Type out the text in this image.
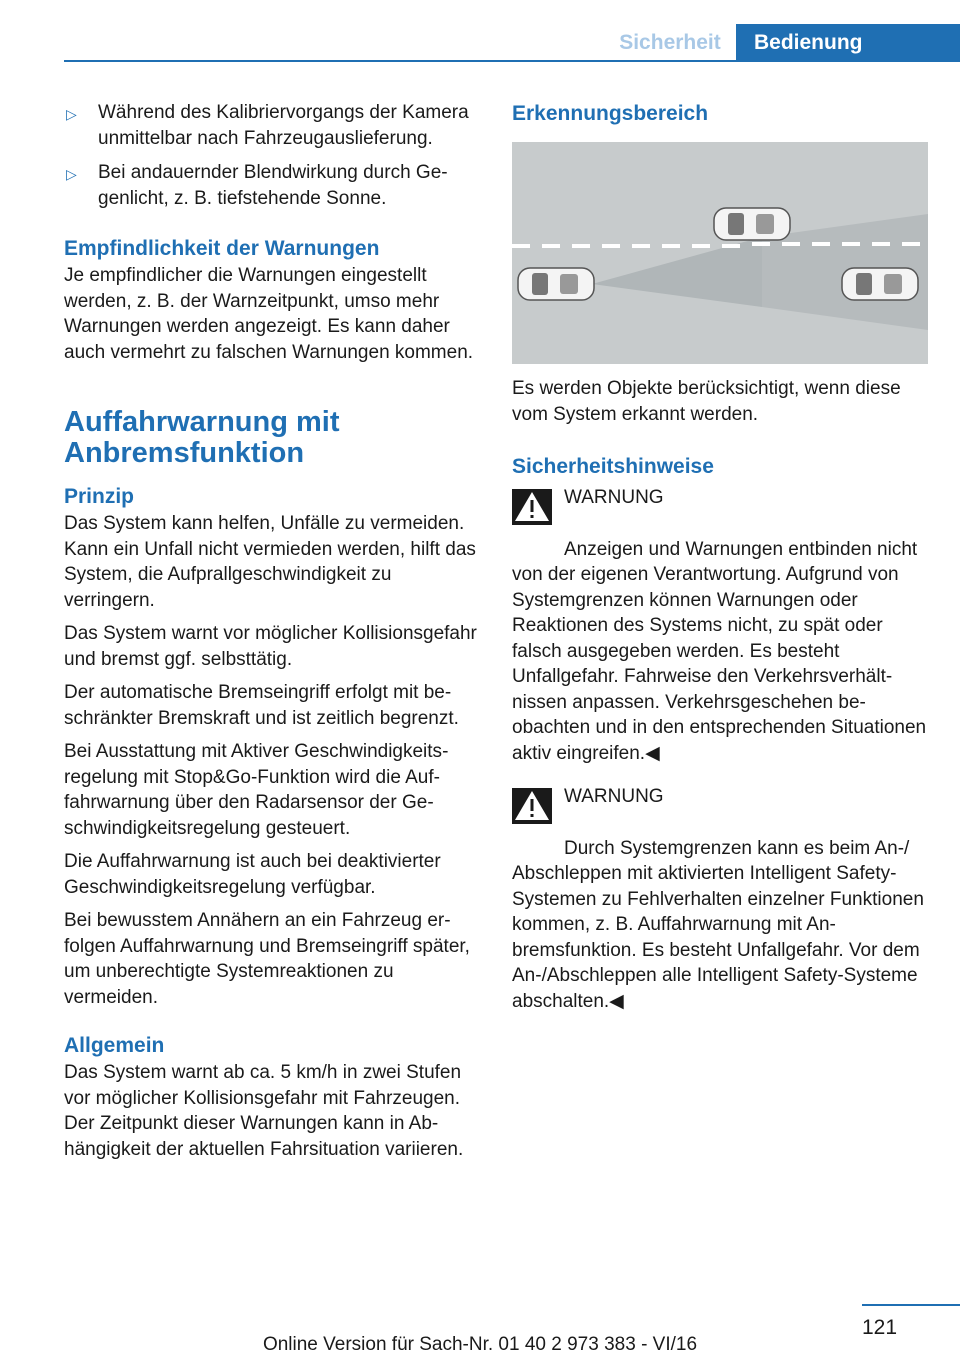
Sicherheit	Bedienung
▷	Während des Kalibriervorgangs der Kamera unmittelbar nach Fahrzeugauslieferung.
▷	Bei andauernder Blendwirkung durch Gegenlicht, z. B. tiefstehende Sonne.
Empfindlichkeit der Warnungen

Je empfindlicher die Warnungen eingestellt werden, z. B. der Warnzeitpunkt, umso mehr Warnungen werden angezeigt. Es kann daher auch vermehrt zu falschen Warnungen kommen.

Auffahrwarnung mit Anbremsfunktion
Prinzip

Das System kann helfen, Unfälle zu vermeiden. Kann ein Unfall nicht vermieden werden, hilft das System, die Aufprallgeschwindigkeit zu verringern.

Das System warnt vor möglicher Kollisionsgefahr und bremst ggf. selbsttätig.

Der automatische Bremseingriff erfolgt mit beschränkter Bremskraft und ist zeitlich begrenzt.

Bei Ausstattung mit Aktiver Geschwindigkeitsregelung mit Stop&Go-Funktion wird die Auffahrwarnung über den Radarsensor der Geschwindigkeitsregelung gesteuert.

Die Auffahrwarnung ist auch bei deaktivierter Geschwindigkeitsregelung verfügbar.

Bei bewusstem Annähern an ein Fahrzeug erfolgen Auffahrwarnung und Bremseingriff später, um unberechtigte Systemreaktionen zu vermeiden.

Allgemein

Das System warnt ab ca. 5 km/h in zwei Stufen vor möglicher Kollisionsgefahr mit Fahrzeugen. Der Zeitpunkt dieser Warnungen kann in Abhängigkeit der aktuellen Fahrsituation variieren.

Erkennungsbereich

Es werden Objekte berücksichtigt, wenn diese vom System erkannt werden.

Sicherheitshinweise
WARNUNG

Anzeigen und Warnungen entbinden nicht von der eigenen Verantwortung. Aufgrund von Systemgrenzen können Warnungen oder Reaktionen des Systems nicht, zu spät oder falsch ausgegeben werden. Es besteht Unfallgefahr. Fahrweise den Verkehrsverhältnissen anpassen. Verkehrsgeschehen beobachten und in den entsprechenden Situationen aktiv eingreifen.◀

WARNUNG

Durch Systemgrenzen kann es beim An-/ Abschleppen mit aktivierten Intelligent Safety-Systemen zu Fehlverhalten einzelner Funktionen kommen, z. B. Auffahrwarnung mit Anbremsfunktion. Es besteht Unfallgefahr. Vor dem An-/Abschleppen alle Intelligent Safety-Systeme abschalten.◀

121
Online Version für Sach-Nr. 01 40 2 973 383 - VI/16
